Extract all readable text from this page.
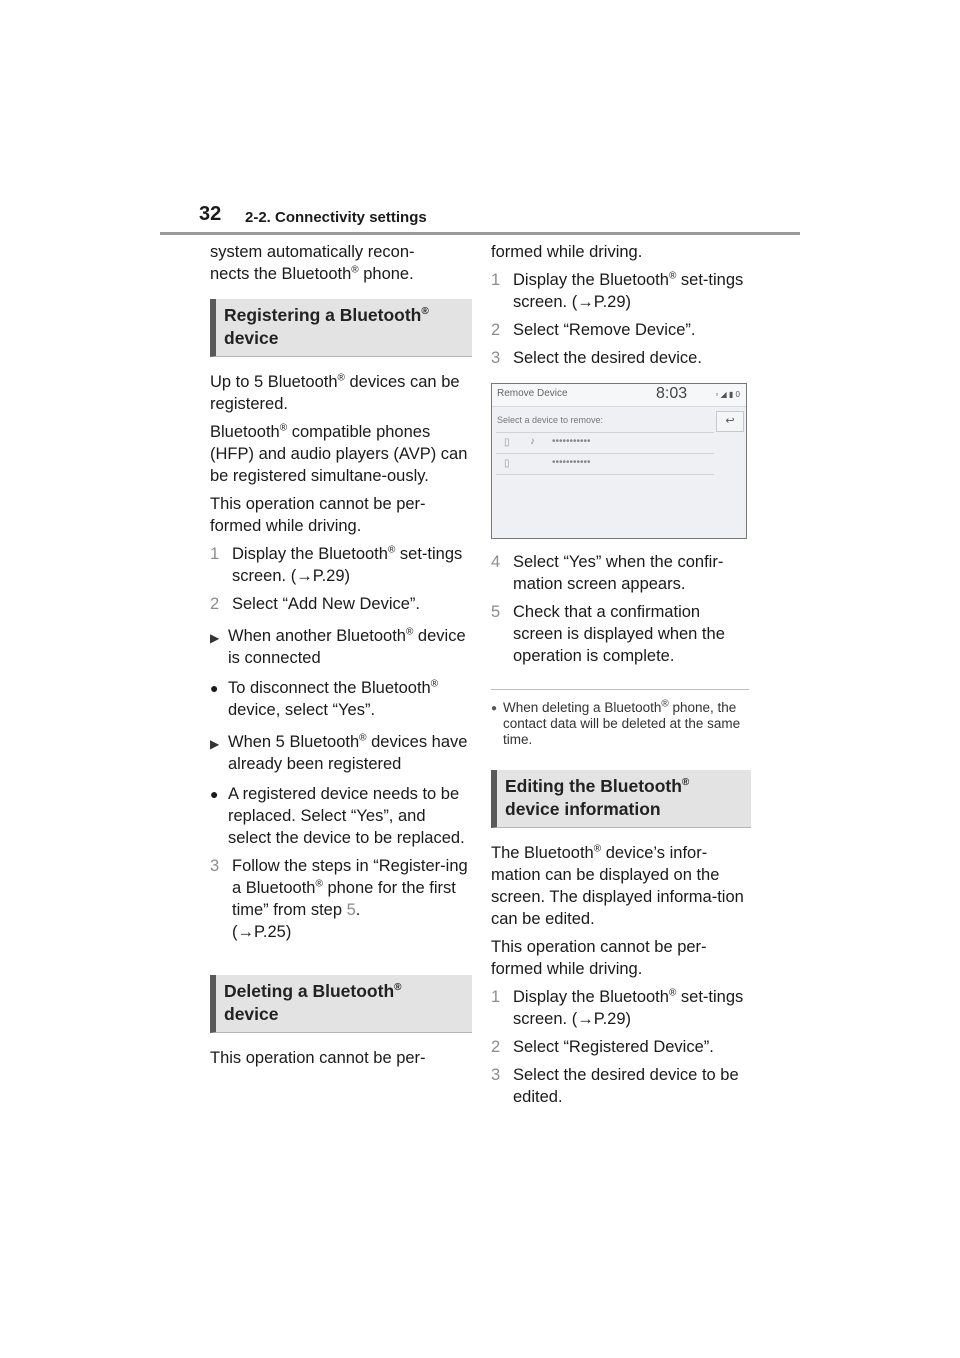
32 2-2. Connectivity settings

system automatically recon-
nects the Bluetooth® phone.

Registering a Bluetooth®
device

Up to 5 Bluetooth® devices can be registered.

Bluetooth® compatible phones (HFP) and audio players (AVP) can be registered simultane-ously.

This operation cannot be per-formed while driving.

1 Display the Bluetooth® set-tings screen. (→P.29)
2 Select “Add New Device”.
▶ When another Bluetooth® device is connected
● To disconnect the Bluetooth® device, select “Yes”.
▶ When 5 Bluetooth® devices have already been registered
● A registered device needs to be replaced. Select “Yes”, and select the device to be replaced.
3 Follow the steps in “Register-ing a Bluetooth® phone for the first time” from step 5.
(→P.25)
Deleting a Bluetooth®
device

This operation cannot be per-

formed while driving.

1 Display the Bluetooth® set-tings screen. (→P.29)
2 Select “Remove Device”.
3 Select the desired device.
Remove Device	8:03	▫ ◢ ▮ 0
Select a device to remove:	↩
▯ ♪ •••••••••••
▯	•••••••••••
4 Select “Yes” when the confir-mation screen appears.
5 Check that a confirmation screen is displayed when the operation is complete.
● When deleting a Bluetooth® phone, the contact data will be deleted at the same time.
Editing the Bluetooth®
device information

The Bluetooth® device’s infor-mation can be displayed on the screen. The displayed informa-tion can be edited.

This operation cannot be per-formed while driving.

1 Display the Bluetooth® set-tings screen. (→P.29)
2 Select “Registered Device”.
3 Select the desired device to be edited.
